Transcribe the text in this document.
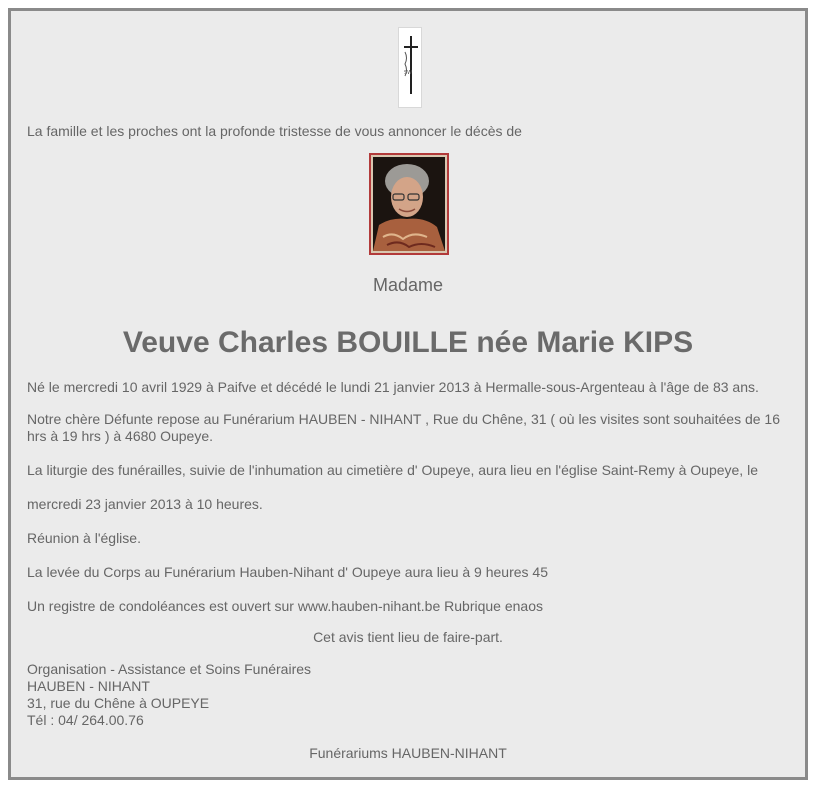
SW
La famille et les proches ont la profonde tristesse de vous annoncer le décès de
Madame
Veuve Charles BOUILLE née Marie KIPS
Né le mercredi 10 avril 1929 à Paifve et décédé le lundi 21 janvier 2013 à Hermalle-sous-Argenteau à l'âge de 83 ans.
Notre chère Défunte repose au Funérarium HAUBEN - NIHANT , Rue du Chêne, 31 ( où les visites sont souhaitées de 16 hrs à 19 hrs ) à 4680 Oupeye.
La liturgie des funérailles, suivie de l'inhumation au cimetière d' Oupeye, aura lieu en l'église Saint-Remy à Oupeye, le
mercredi 23 janvier 2013 à 10 heures.
Réunion à l'église.
La levée du Corps au Funérarium Hauben-Nihant d' Oupeye aura lieu à 9 heures 45
Un registre de condoléances est ouvert sur www.hauben-nihant.be Rubrique enaos
Cet avis tient lieu de faire-part.
Organisation - Assistance et Soins Funéraires
HAUBEN - NIHANT
31, rue du Chêne à OUPEYE
Tél : 04/ 264.00.76
Funérariums HAUBEN-NIHANT
